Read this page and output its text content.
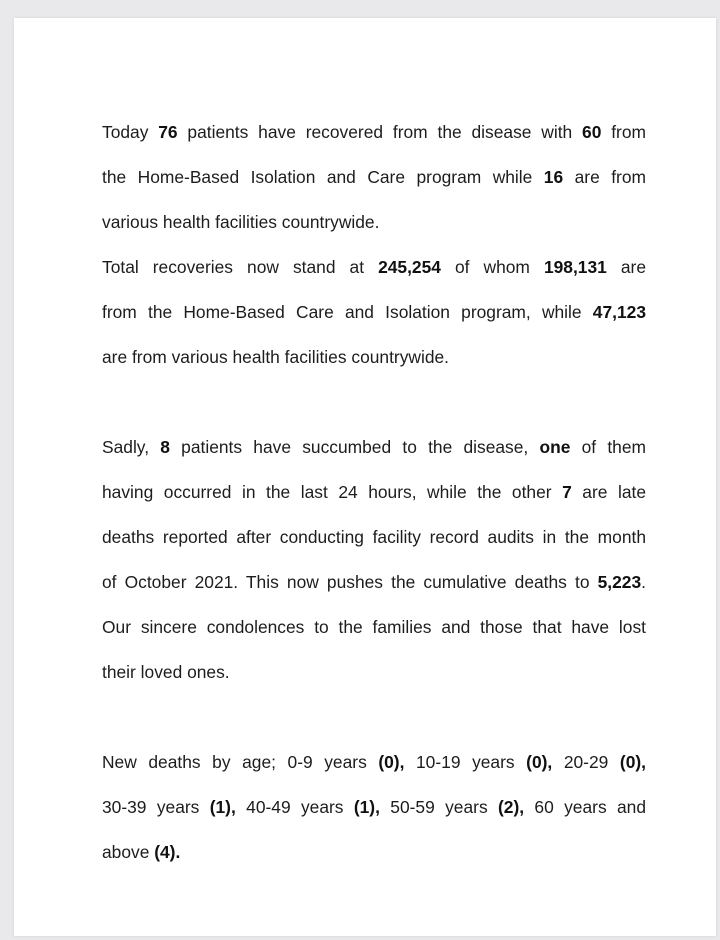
Today 76 patients have recovered from the disease with 60 from
the Home-Based Isolation and Care program while 16 are from
various health facilities countrywide.
Total recoveries now stand at 245,254 of whom 198,131 are
from the Home-Based Care and Isolation program, while 47,123
are from various health facilities countrywide.
Sadly, 8 patients have succumbed to the disease, one of them
having occurred in the last 24 hours, while the other 7 are late
deaths reported after conducting facility record audits in the month
of October 2021. This now pushes the cumulative deaths to 5,223.
Our sincere condolences to the families and those that have lost
their loved ones.
New deaths by age; 0-9 years (0), 10-19 years (0), 20-29 (0),
30-39 years (1), 40-49 years (1), 50-59 years (2), 60 years and
above (4).
